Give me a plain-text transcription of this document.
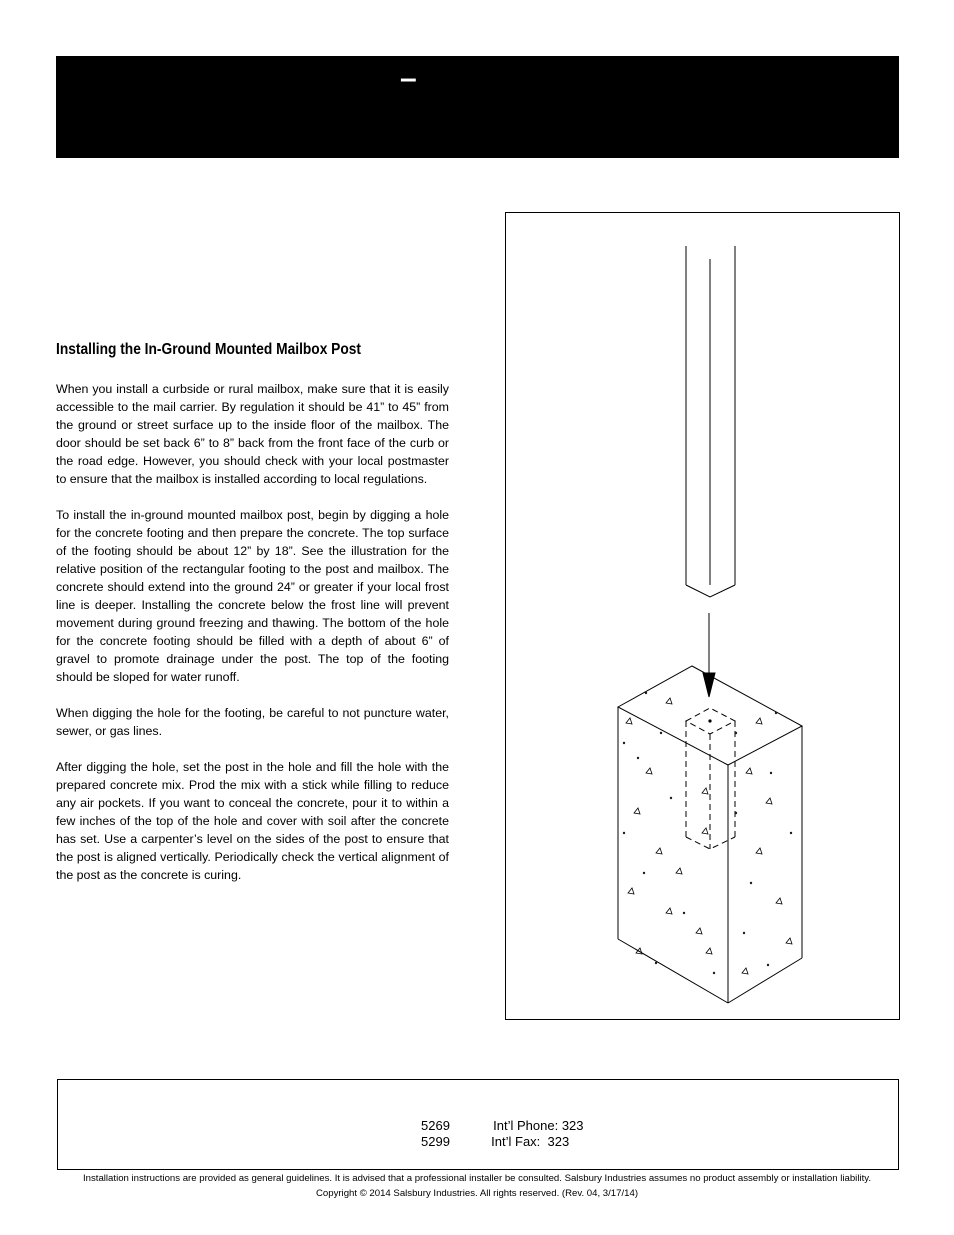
–
Installing the In-Ground Mounted Mailbox Post

When you install a curbside or rural mailbox, make sure that it is easily accessible to the mail carrier. By regulation it should be 41” to 45” from the ground or street surface up to the inside floor of the mailbox. The door should be set back 6” to 8” back from the front face of the curb or the road edge. However, you should check with your local postmaster to ensure that the mailbox is installed according to local regulations.

To install the in-ground mounted mailbox post, begin by digging a hole for the concrete footing and then prepare the concrete. The top surface of the footing should be about 12” by 18”. See the illustration for the relative position of the rectangular footing to the post and mailbox. The concrete should extend into the ground 24” or greater if your local frost line is deeper. Installing the concrete below the frost line will prevent movement during ground freezing and thawing. The bottom of the hole for the concrete footing should be filled with a depth of about 6” of gravel to promote drainage under the post. The top of the footing should be sloped for water runoff.

When digging the hole for the footing, be careful to not puncture water, sewer, or gas lines.

After digging the hole, set the post in the hole and fill the hole with the prepared concrete mix. Prod the mix with a stick while filling to reduce any air pockets. If you want to conceal the concrete, pour it to within a few inches of the top of the hole and cover with soil after the concrete has set. Use a carpenter’s level on the sides of the post to ensure that the post is aligned vertically. Periodically check the vertical alignment of the post as the concrete is curing.

5269	Int’l Phone: 323
5299	Int’l Fax:  323
Installation instructions are provided as general guidelines. It is advised that a professional installer be consulted. Salsbury Industries assumes no product assembly or installation liability.
Copyright © 2014 Salsbury Industries. All rights reserved. (Rev. 04, 3/17/14)
